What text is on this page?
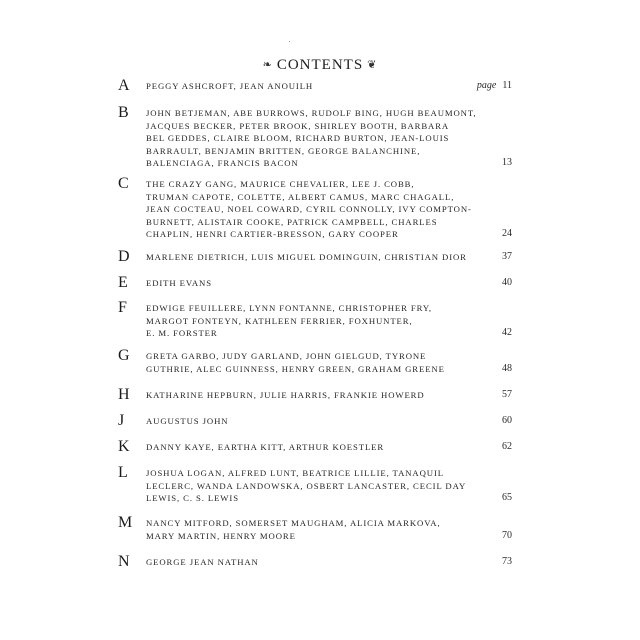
❧ CONTENTS ❦
A PEGGY ASHCROFT, JEAN ANOUILH	page 11
B JOHN BETJEMAN, ABE BURROWS, RUDOLF BING, HUGH BEAUMONT,
JACQUES BECKER, PETER BROOK, SHIRLEY BOOTH, BARBARA
BEL GEDDES, CLAIRE BLOOM, RICHARD BURTON, JEAN-LOUIS
BARRAULT, BENJAMIN BRITTEN, GEORGE BALANCHINE,
BALENCIAGA, FRANCIS BACON	13
C THE CRAZY GANG, MAURICE CHEVALIER, LEE J. COBB,
TRUMAN CAPOTE, COLETTE, ALBERT CAMUS, MARC CHAGALL,
JEAN COCTEAU, NOEL COWARD, CYRIL CONNOLLY, IVY COMPTON-
BURNETT, ALISTAIR COOKE, PATRICK CAMPBELL, CHARLES
CHAPLIN, HENRI CARTIER-BRESSON, GARY COOPER	24
D MARLENE DIETRICH, LUIS MIGUEL DOMINGUIN, CHRISTIAN DIOR	37
E EDITH EVANS	40
F EDWIGE FEUILLERE, LYNN FONTANNE, CHRISTOPHER FRY,
MARGOT FONTEYN, KATHLEEN FERRIER, FOXHUNTER,
E. M. FORSTER	42
G GRETA GARBO, JUDY GARLAND, JOHN GIELGUD, TYRONE
GUTHRIE, ALEC GUINNESS, HENRY GREEN, GRAHAM GREENE	48
H KATHARINE HEPBURN, JULIE HARRIS, FRANKIE HOWERD	57
J	AUGUSTUS JOHN	60
K DANNY KAYE, EARTHA KITT, ARTHUR KOESTLER	62
L JOSHUA LOGAN, ALFRED LUNT, BEATRICE LILLIE, TANAQUIL
LECLERC, WANDA LANDOWSKA, OSBERT LANCASTER, CECIL DAY
LEWIS, C. S. LEWIS	65
M NANCY MITFORD, SOMERSET MAUGHAM, ALICIA MARKOVA,
MARY MARTIN, HENRY MOORE	70
N GEORGE JEAN NATHAN	73
